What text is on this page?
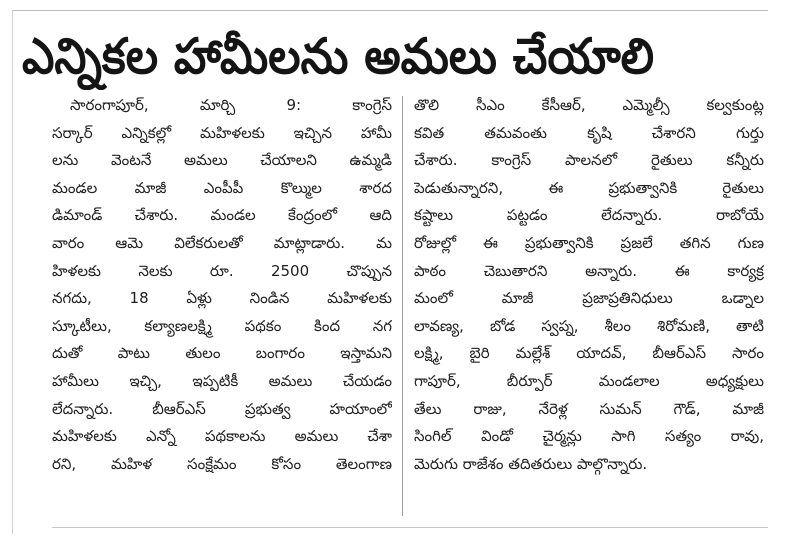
ఎన్నికల హామీలను అమలు చేయాలి
సారంగాపూర్, మార్చి 9: కాంగ్రెస్
సర్కార్ ఎన్నికల్లో మహిళలకు ఇచ్చిన హామీ
లను వెంటనే అమలు చేయాలని ఉమ్మడి
మండల మాజీ ఎంపీపీ కొల్ముల శారద
డిమాండ్ చేశారు. మండల కేంద్రంలో ఆది
వారం ఆమె విలేకరులతో మాట్లాడారు. మ
హిళలకు నెలకు రూ. 2500 చొప్పున
నగదు, 18 ఏళ్లు నిండిన మహిళలకు
స్కూటీలు, కల్యాణలక్ష్మి పథకం కింద నగ
దుతో పాటు తులం బంగారం ఇస్తామని
హామీలు ఇచ్చి, ఇప్పటికీ అమలు చేయడం
లేదన్నారు. బీఆర్ఎస్ ప్రభుత్వ హయాంలో
మహిళలకు ఎన్నో పథకాలను అమలు చేశా
రని, మహిళ సంక్షేమం కోసం తెలంగాణ
తొలి సీఎం కేసీఆర్, ఎమ్మెల్సీ కల్వకుంట్ల
కవిత తమవంతు కృషి చేశారని గుర్తు
చేశారు. కాంగ్రెస్ పాలనలో రైతులు కన్నీరు
పెడుతున్నారని, ఈ ప్రభుత్వానికి రైతులు
కష్టాలు పట్టడం లేదన్నారు. రాబోయే
రోజుల్లో ఈ ప్రభుత్వానికి ప్రజలే తగిన గుణ
పాఠం చెబుతారని అన్నారు. ఈ కార్యక్ర
మంలో మాజీ ప్రజాప్రతినిధులు ఒడ్నాల
లావణ్య, బోడ స్వప్న, శీలం శిరోమణి, తాటి
లక్ష్మి, బైరి మల్లేశ్ యాదవ్, బీఆర్ఎస్ సారం
గాపూర్, బీర్పూర్ మండలాల అధ్యక్షులు
తేలు రాజు, నేరెళ్ల సుమన్ గౌడ్, మాజీ
సింగిల్ విండో చైర్మన్లు సాగి సత్యం రావు,
మెరుగు రాజేశం తదితరులు పాల్గొన్నారు.
